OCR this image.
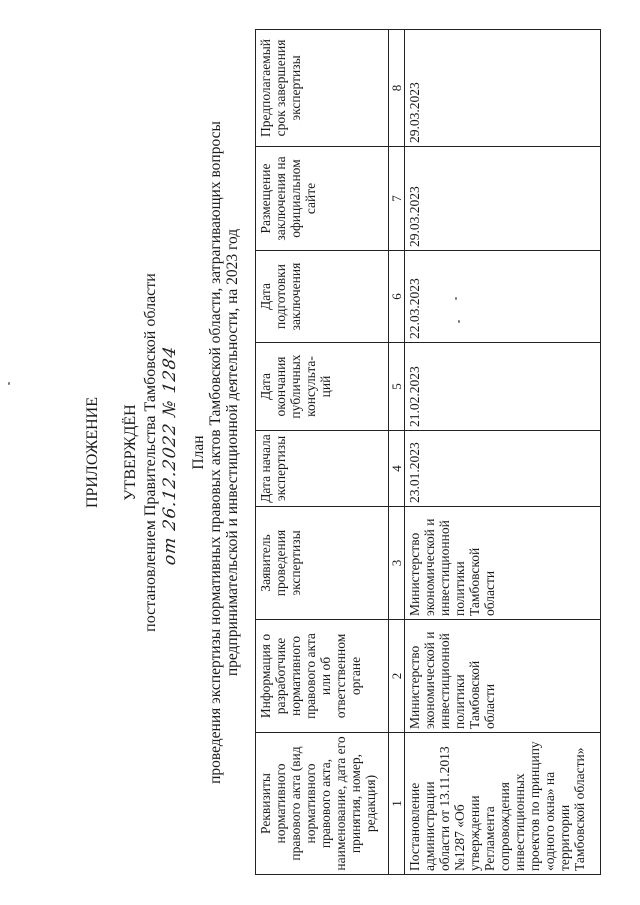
ПРИЛОЖЕНИЕ УТВЕРЖДЁН постановлением Правительства Тамбовской области от 26.12.2022 № 1284 План проведения экспертизы нормативных правовых актов Тамбовской области, затрагивающих вопросы предпринимательской и инвестиционной деятельности, на 2023 год
Реквизиты нормативного правового акта (вид нормативного правового акта, наименование, дата его принятия, номер, редакция)	Информация о разработчике нормативного правового акта или об ответственном органе	Заявитель проведения экспертизы	Дата начала экспертизы	Дата окончания публичных консульта-ций	Дата подготовки заключения	Размещение заключения на официальном сайте	Предполагаемый срок завершения экспертизы
1	2	3	4	5	6	7	8
Постановление администрации области от 13.11.2013 №1287 «Об утверждении Регламента сопровождения инвестиционных проектов по принципу «одного окна» на территории Тамбовской области»	Министерство экономической и инвестиционной политики Тамбовской области	Министерство экономической и инвестиционной политики Тамбовской области	23.01.2023	21.02.2023	22.03.2023	29.03.2023	29.03.2023
